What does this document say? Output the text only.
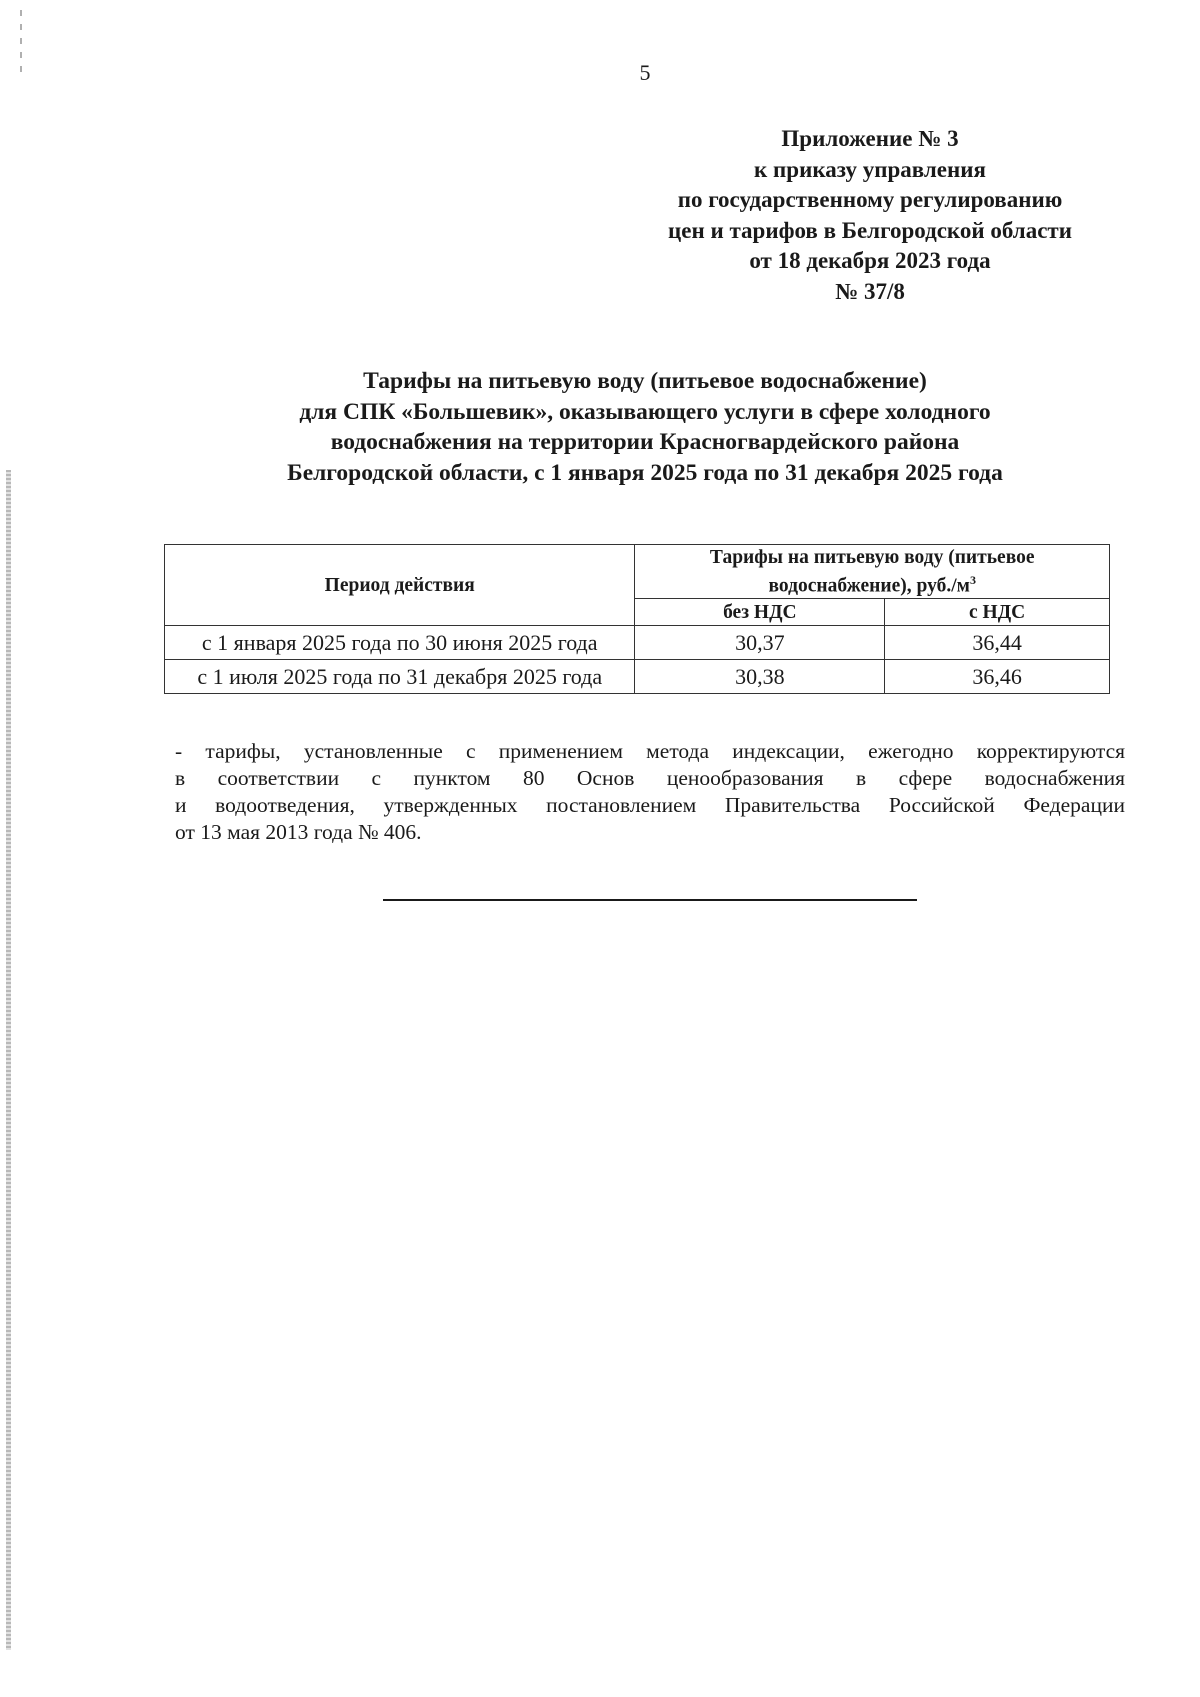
5
Приложение № 3
к приказу управления
по государственному регулированию
цен и тарифов в Белгородской области
от 18 декабря 2023 года
№ 37/8
Тарифы на питьевую воду (питьевое водоснабжение)
для СПК «Большевик», оказывающего услуги в сфере холодного
водоснабжения на территории Красногвардейского района
Белгородской области, с 1 января 2025 года по 31 декабря 2025 года
Период действия	Тарифы на питьевую воду (питьевое
водоснабжение), $руб./м^3$
	без НДС	с НДС
с 1 января 2025 года по 30 июня 2025 года	30,37	36,44
с 1 июля 2025 года по 31 декабря 2025 года	30,38	36,46
- тарифы, установленные с применением метода индексации, ежегодно корректируются
в соответствии с пунктом 80 Основ ценообразования в сфере водоснабжения
и водоотведения, утвержденных постановлением Правительства Российской Федерации
от 13 мая 2013 года № 406.
